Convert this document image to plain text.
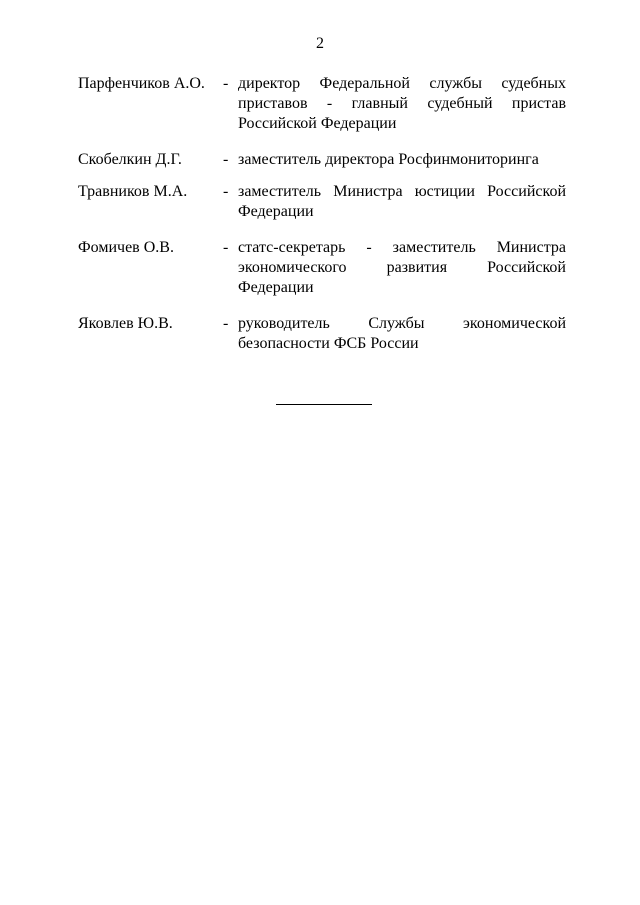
2
Парфенчиков А.О.	- директор Федеральной службы судебных приставов - главный судебный пристав Российской Федерации
Скобелкин Д.Г.	- заместитель директора Росфинмониторинга
Травников М.А.	- заместитель Министра юстиции Российской Федерации
Фомичев О.В.	- статс-секретарь - заместитель Министра экономического развития Российской Федерации
Яковлев Ю.В.	- руководитель Службы экономической безопасности ФСБ России
